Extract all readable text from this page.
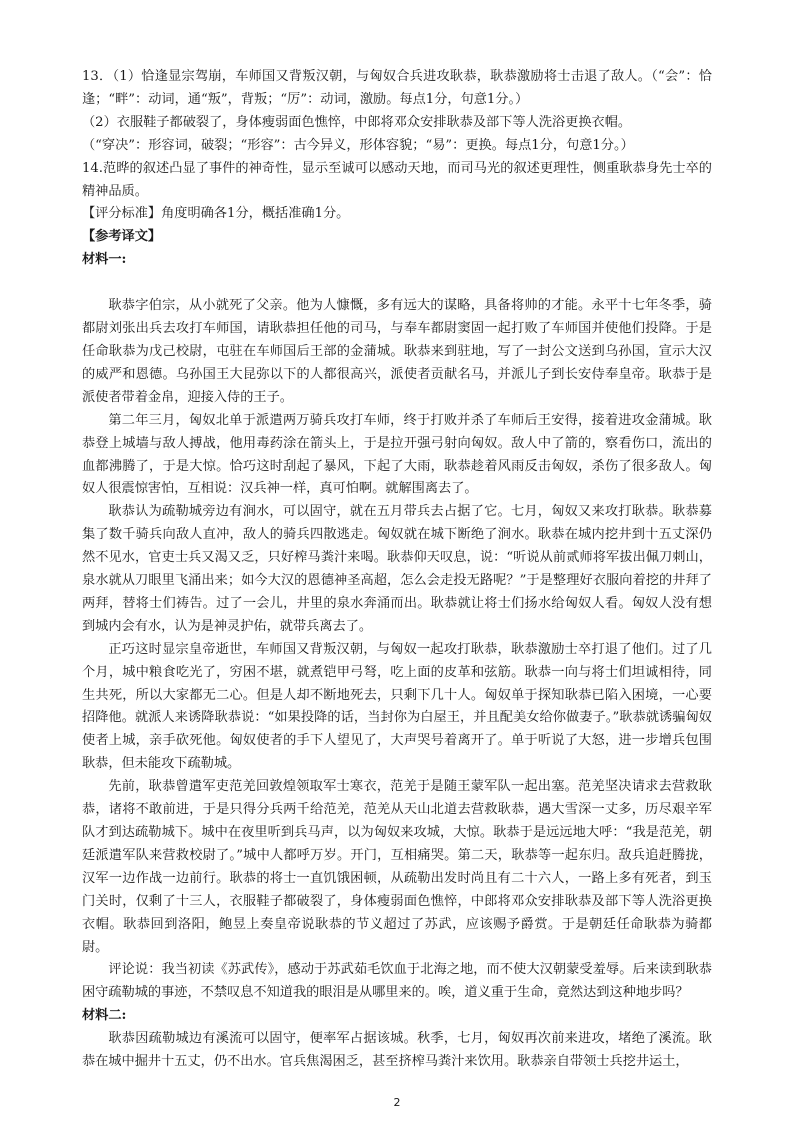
13．（1）恰逢显宗驾崩，车师国又背叛汉朝，与匈奴合兵进攻耿恭，耿恭激励将士击退了敌人。（“会”：恰逢；“畔”：动词，通“叛”，背叛；“厉”：动词，激励。每点1分，句意1分。）

（2）衣服鞋子都破裂了，身体瘦弱面色憔悴，中郎将邓众安排耿恭及部下等人洗浴更换衣帽。

（“穿决”：形容词，破裂；“形容”：古今异义，形体容貌；“易”：更换。每点1分，句意1分。）

14.范晔的叙述凸显了事件的神奇性，显示至诚可以感动天地，而司马光的叙述更理性，侧重耿恭身先士卒的精神品质。

【评分标准】角度明确各1分，概括准确1分。

【参考译文】

材料一:

耿恭字伯宗，从小就死了父亲。他为人慷慨，多有远大的谋略，具备将帅的才能。永平十七年冬季，骑都尉刘张出兵去攻打车师国，请耿恭担任他的司马，与奉车都尉窦固一起打败了车师国并使他们投降。于是任命耿恭为戊己校尉，屯驻在车师国后王部的金蒲城。耿恭来到驻地，写了一封公文送到乌孙国，宣示大汉的威严和恩德。乌孙国王大昆弥以下的人都很高兴，派使者贡献名马，并派儿子到长安侍奉皇帝。耿恭于是派使者带着金帛，迎接入侍的王子。

第二年三月，匈奴北单于派遣两万骑兵攻打车师，终于打败并杀了车师后王安得，接着进攻金蒲城。耿恭登上城墙与敌人搏战，他用毒药涂在箭头上，于是拉开强弓射向匈奴。敌人中了箭的，察看伤口，流出的血都沸腾了，于是大惊。恰巧这时刮起了暴风，下起了大雨，耿恭趁着风雨反击匈奴，杀伤了很多敌人。匈奴人很震惊害怕，互相说：汉兵神一样，真可怕啊。就解围离去了。

耿恭认为疏勒城旁边有涧水，可以固守，就在五月带兵去占据了它。七月，匈奴又来攻打耿恭。耿恭募集了数千骑兵向敌人直冲，敌人的骑兵四散逃走。匈奴就在城下断绝了涧水。耿恭在城内挖井到十五丈深仍然不见水，官吏士兵又渴又乏，只好榨马粪汁来喝。耿恭仰天叹息，说：“听说从前贰师将军拔出佩刀刺山，泉水就从刀眼里飞涌出来；如今大汉的恩德神圣高超，怎么会走投无路呢？”于是整理好衣服向着挖的井拜了两拜，替将士们祷告。过了一会儿，井里的泉水奔涌而出。耿恭就让将士们扬水给匈奴人看。匈奴人没有想到城内会有水，认为是神灵护佑，就带兵离去了。

正巧这时显宗皇帝逝世，车师国又背叛汉朝，与匈奴一起攻打耿恭，耿恭激励士卒打退了他们。过了几个月，城中粮食吃光了，穷困不堪，就煮铠甲弓弩，吃上面的皮革和弦筋。耿恭一向与将士们坦诚相待，同生共死，所以大家都无二心。但是人却不断地死去，只剩下几十人。匈奴单于探知耿恭已陷入困境，一心要招降他。就派人来诱降耿恭说：“如果投降的话，当封你为白屋王，并且配美女给你做妻子。”耿恭就诱骗匈奴使者上城，亲手砍死他。匈奴使者的手下人望见了，大声哭号着离开了。单于听说了大怒，进一步增兵包围耿恭，但未能攻下疏勒城。

先前，耿恭曾遣军吏范羌回敦煌领取军士寒衣，范羌于是随王蒙军队一起出塞。范羌坚决请求去营救耿恭，诸将不敢前进，于是只得分兵两千给范羌，范羌从天山北道去营救耿恭，遇大雪深一丈多，历尽艰辛军队才到达疏勒城下。城中在夜里听到兵马声，以为匈奴来攻城，大惊。耿恭于是远远地大呼：“我是范羌，朝廷派遣军队来营救校尉了。”城中人都呼万岁。开门，互相痛哭。第二天，耿恭等一起东归。敌兵追赶腾拢，汉军一边作战一边前行。耿恭的将士一直饥饿困顿，从疏勒出发时尚且有二十六人，一路上多有死者，到玉门关时，仅剩了十三人，衣服鞋子都破裂了，身体瘦弱面色憔悴，中郎将邓众安排耿恭及部下等人洗浴更换衣帽。耿恭回到洛阳，鲍昱上奏皇帝说耿恭的节义超过了苏武，应该赐予爵赏。于是朝廷任命耿恭为骑都尉。

评论说：我当初读《苏武传》，感动于苏武茹毛饮血于北海之地，而不使大汉朝蒙受羞辱。后来读到耿恭困守疏勒城的事迹，不禁叹息不知道我的眼泪是从哪里来的。唉，道义重于生命，竟然达到这种地步吗？

材料二:

耿恭因疏勒城边有溪流可以固守，便率军占据该城。秋季，七月，匈奴再次前来进攻，堵绝了溪流。耿恭在城中掘井十五丈，仍不出水。官兵焦渴困乏，甚至挤榨马粪汁来饮用。耿恭亲自带领士兵挖井运土，

2
